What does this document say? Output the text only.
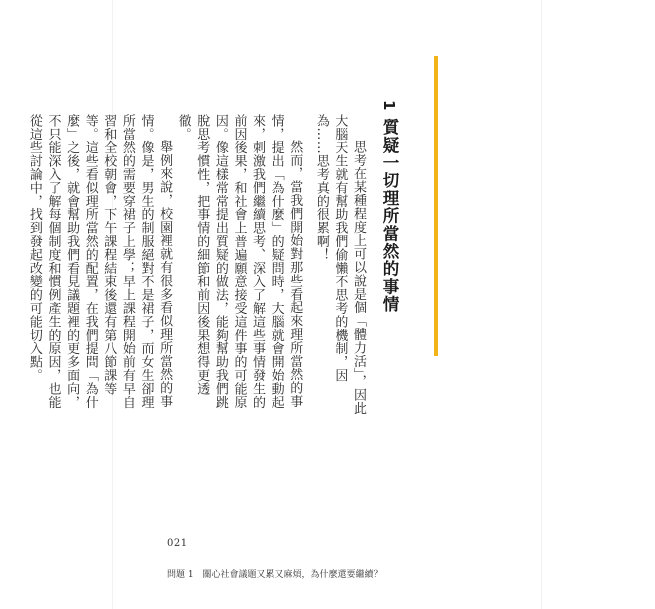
1 質疑一切理所當然的事情

思考在某種程度上可以說是個「體力活」，因此大腦天生就有幫助我們偷懶不思考的機制，因為……思考真的很累啊！

然而，當我們開始對那些看起來理所當然的事情，提出「為什麼」的疑問時，大腦就會開始動起來，刺激我們繼續思考、深入了解這些事情發生的前因後果，和社會上普遍願意接受這件事的可能原因。像這樣常常提出質疑的做法，能夠幫助我們跳脫思考慣性，把事情的細節和前因後果想得更透徹。

舉例來說，校園裡就有很多看似理所當然的事情。像是，男生的制服絕對不是裙子，而女生卻理所當然的需要穿裙子上學；早上課程開始前有早自習和全校朝會，下午課程結束後還有第八節課等等。這些看似理所當然的配置，在我們提問「為什麼」之後，就會幫助我們看見議題裡的更多面向，不只能深入了解每個制度和慣例產生的原因，也能從這些討論中，找到發起改變的可能切入點。

021
問題 1 關心社會議題又累又麻煩，為什麼還要繼續？
